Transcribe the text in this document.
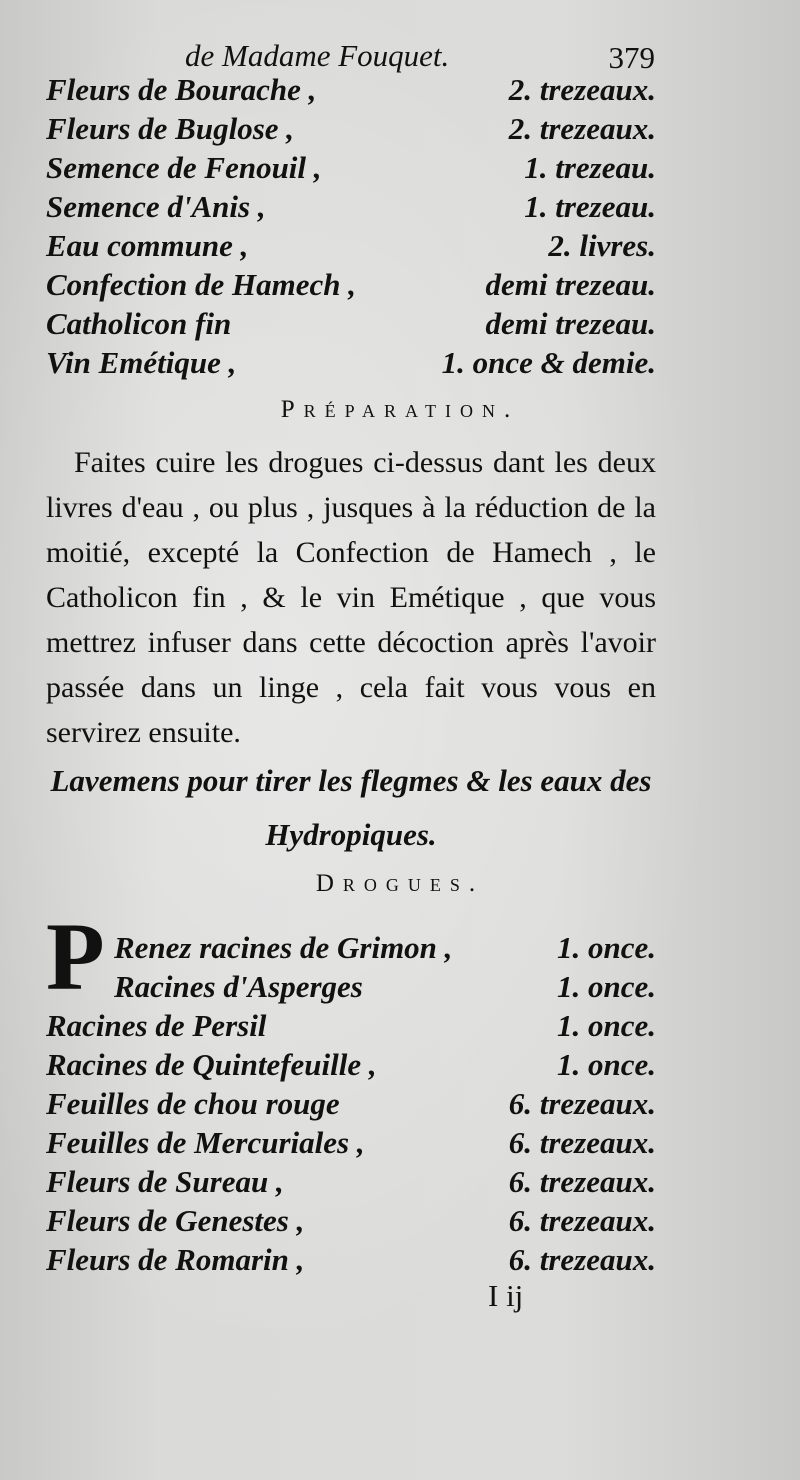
de Madame Fouquet.	379
Fleurs de Bourache ,	2. trezeaux.
Fleurs de Buglose ,	2. trezeaux.
Semence de Fenouil ,	1. trezeau.
Semence d'Anis ,	1. trezeau.
Eau commune ,	2. livres.
Confection de Hamech ,	demi trezeau.
Catholicon fin	demi trezeau.
Vin Emétique ,	1. once & demie.
Préparation.
Faites cuire les drogues ci-dessus dant les deux livres d'eau , ou plus , jusques à la réduction de la moitié, excepté la Confection de Hamech , le Catholicon fin , & le vin Emétique , que vous mettrez infuser dans cette décoction après l'avoir passée dans un linge , cela fait vous vous en servirez ensuite.
Lavemens pour tirer les flegmes & les eaux des Hydropiques.
Drogues.
P Renez racines de Grimon ,	1. once.
Racines d'Asperges	1. once.
Racines de Persil	1. once.
Racines de Quintefeuille ,	1. once.
Feuilles de chou rouge	6. trezeaux.
Feuilles de Mercuriales ,	6. trezeaux.
Fleurs de Sureau ,	6. trezeaux.
Fleurs de Genestes ,	6. trezeaux.
Fleurs de Romarin ,	6. trezeaux.
I ij
